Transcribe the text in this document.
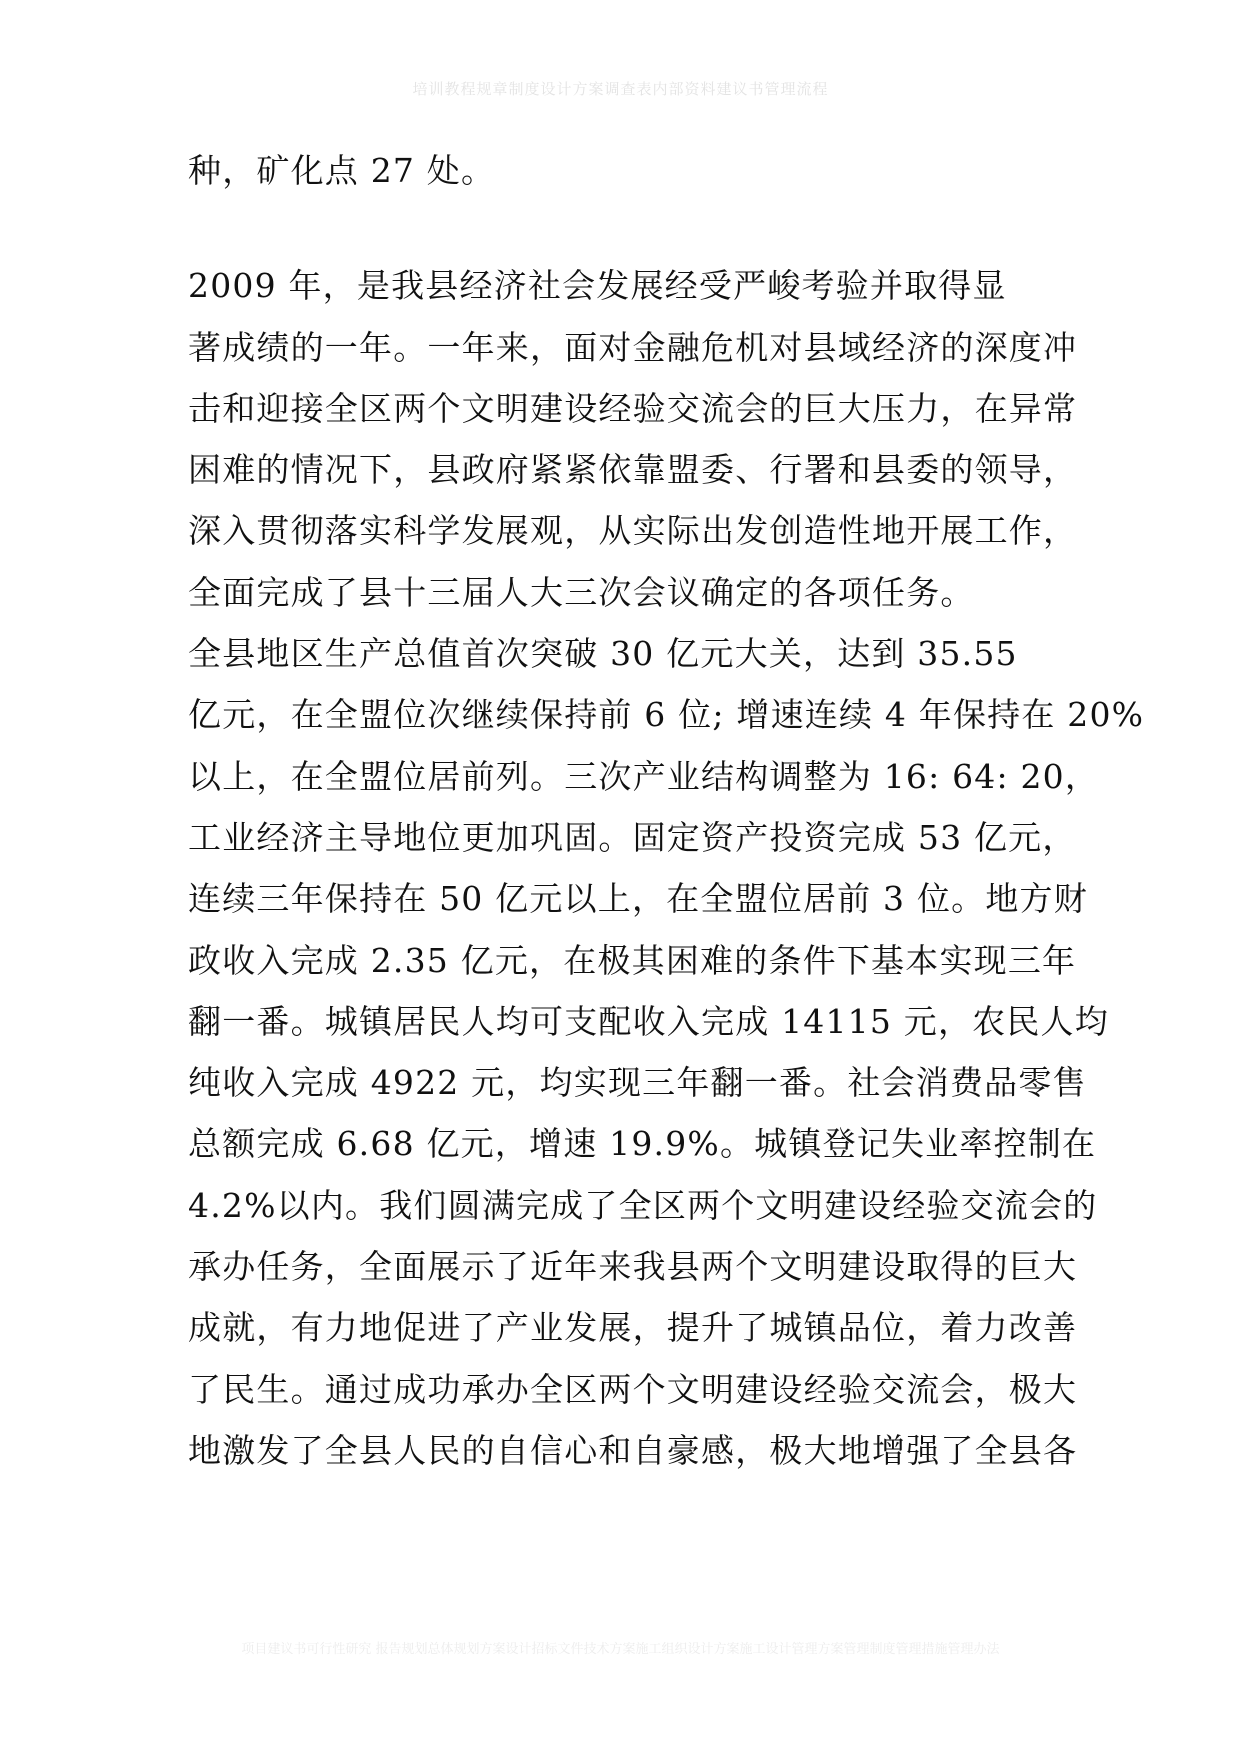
培训教程规章制度设计方案调查表内部资料建议书管理流程
种，矿化点 27 处。
2009 年，是我县经济社会发展经受严峻考验并取得显
著成绩的一年。一年来，面对金融危机对县域经济的深度冲
击和迎接全区两个文明建设经验交流会的巨大压力，在异常
困难的情况下，县政府紧紧依靠盟委、行署和县委的领导，
深入贯彻落实科学发展观，从实际出发创造性地开展工作，
全面完成了县十三届人大三次会议确定的各项任务。
全县地区生产总值首次突破 30 亿元大关，达到 35.55
亿元，在全盟位次继续保持前 6 位; 增速连续 4 年保持在 20%
以上，在全盟位居前列。三次产业结构调整为 16: 64: 20，
工业经济主导地位更加巩固。固定资产投资完成 53 亿元，
连续三年保持在 50 亿元以上，在全盟位居前 3 位。地方财
政收入完成 2.35 亿元，在极其困难的条件下基本实现三年
翻一番。城镇居民人均可支配收入完成 14115 元，农民人均
纯收入完成 4922 元，均实现三年翻一番。社会消费品零售
总额完成 6.68 亿元，增速 19.9%。城镇登记失业率控制在
4.2%以内。我们圆满完成了全区两个文明建设经验交流会的
承办任务，全面展示了近年来我县两个文明建设取得的巨大
成就，有力地促进了产业发展，提升了城镇品位，着力改善
了民生。通过成功承办全区两个文明建设经验交流会，极大
地激发了全县人民的自信心和自豪感，极大地增强了全县各
项目建议书可行性研究 报告规划总体规划方案设计招标文件技术方案施工组织设计方案施工设计管理方案管理制度管理措施管理办法
